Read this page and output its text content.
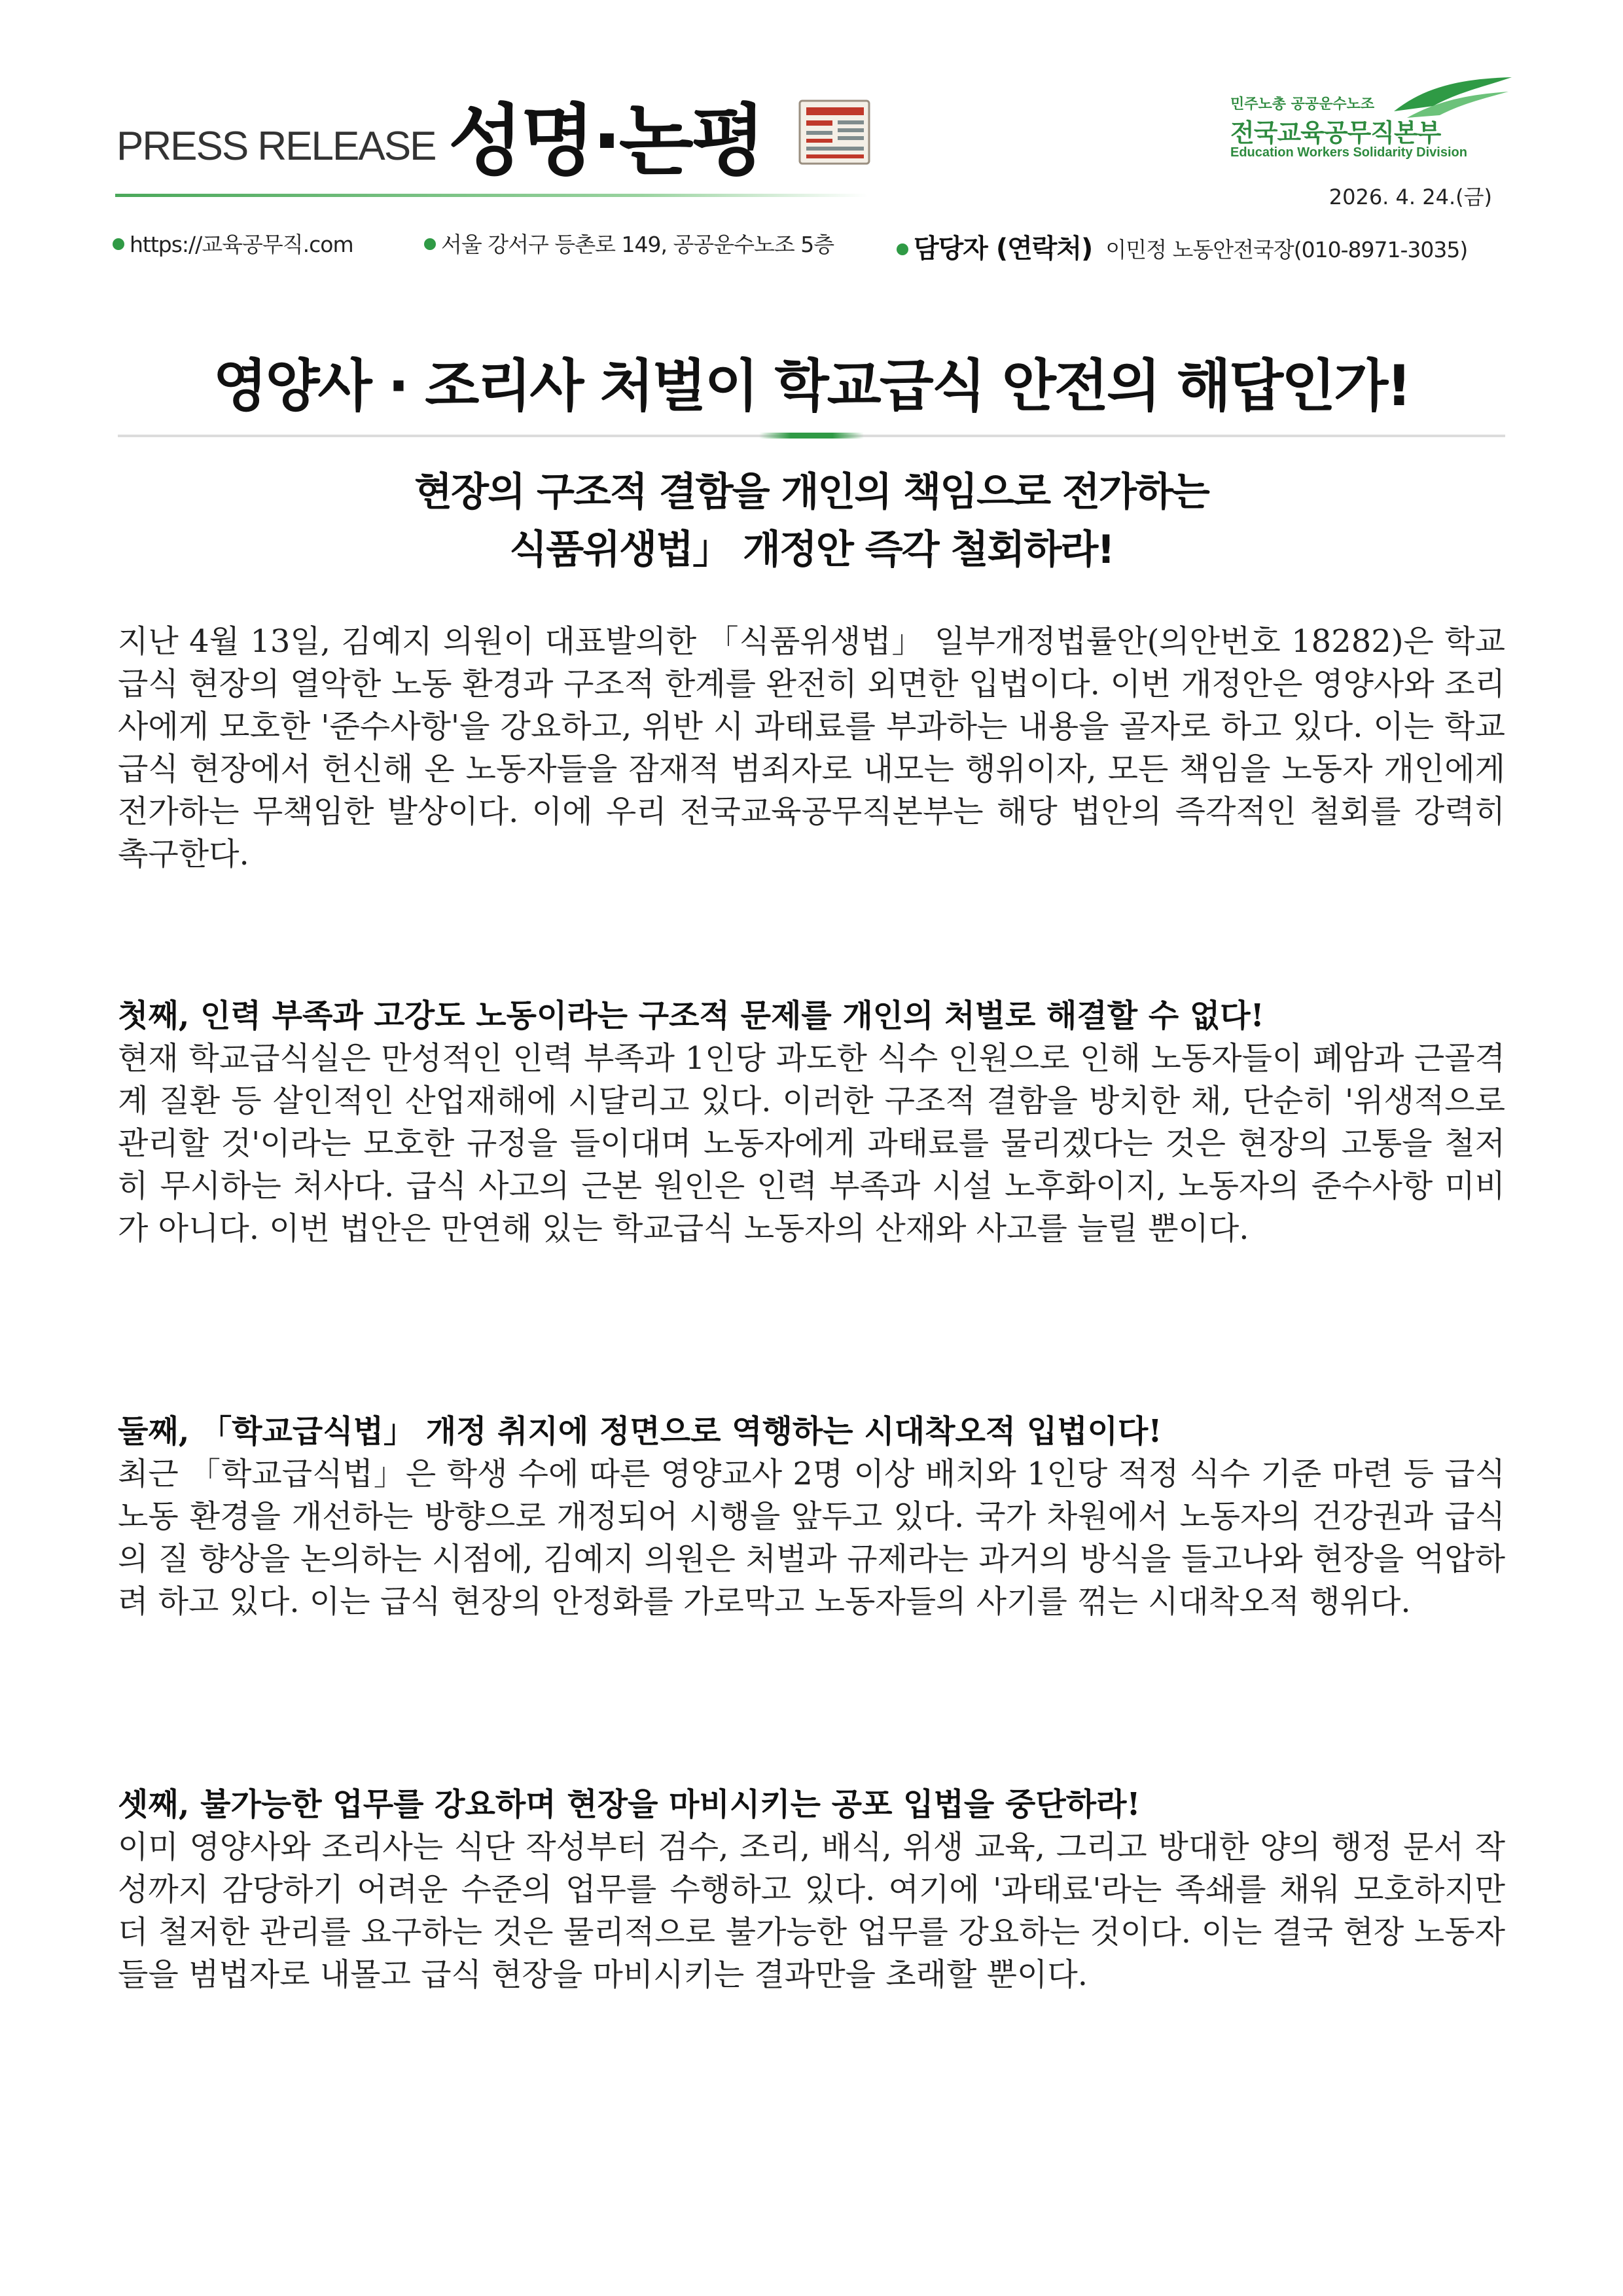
PRESS RELEASE 성명·논평	민주노총 공공운수노조
전국교육공무직본부
Education Workers Solidarity Division
2026. 4. 24.(금)
https://교육공무직.com	서울 강서구 등촌로 149, 공공운수노조 5층	담당자 (연락처) 이민정 노동안전국장(010-8971-3035)
영양사 · 조리사 처벌이 학교급식 안전의 해답인가!
현장의 구조적 결함을 개인의 책임으로 전가하는
식품위생법」 개정안 즉각 철회하라!

지난 4월 13일, 김예지 의원이 대표발의한 「식품위생법」 일부개정법률안(의안번호 18282)은 학교급식 현장의 열악한 노동 환경과 구조적 한계를 완전히 외면한 입법이다. 이번 개정안은 영양사와 조리사에게 모호한 '준수사항'을 강요하고, 위반 시 과태료를 부과하는 내용을 골자로 하고 있다. 이는 학교급식 현장에서 헌신해 온 노동자들을 잠재적 범죄자로 내모는 행위이자, 모든 책임을 노동자 개인에게 전가하는 무책임한 발상이다. 이에 우리 전국교육공무직본부는 해당 법안의 즉각적인 철회를 강력히 촉구한다.

첫째, 인력 부족과 고강도 노동이라는 구조적 문제를 개인의 처벌로 해결할 수 없다!

현재 학교급식실은 만성적인 인력 부족과 1인당 과도한 식수 인원으로 인해 노동자들이 폐암과 근골격계 질환 등 살인적인 산업재해에 시달리고 있다. 이러한 구조적 결함을 방치한 채, 단순히 '위생적으로 관리할 것'이라는 모호한 규정을 들이대며 노동자에게 과태료를 물리겠다는 것은 현장의 고통을 철저히 무시하는 처사다. 급식 사고의 근본 원인은 인력 부족과 시설 노후화이지, 노동자의 준수사항 미비가 아니다. 이번 법안은 만연해 있는 학교급식 노동자의 산재와 사고를 늘릴 뿐이다.

둘째, 「학교급식법」 개정 취지에 정면으로 역행하는 시대착오적 입법이다!

최근 「학교급식법」은 학생 수에 따른 영양교사 2명 이상 배치와 1인당 적정 식수 기준 마련 등 급식 노동 환경을 개선하는 방향으로 개정되어 시행을 앞두고 있다. 국가 차원에서 노동자의 건강권과 급식의 질 향상을 논의하는 시점에, 김예지 의원은 처벌과 규제라는 과거의 방식을 들고나와 현장을 억압하려 하고 있다. 이는 급식 현장의 안정화를 가로막고 노동자들의 사기를 꺾는 시대착오적 행위다.

셋째, 불가능한 업무를 강요하며 현장을 마비시키는 공포 입법을 중단하라!

이미 영양사와 조리사는 식단 작성부터 검수, 조리, 배식, 위생 교육, 그리고 방대한 양의 행정 문서 작성까지 감당하기 어려운 수준의 업무를 수행하고 있다. 여기에 '과태료'라는 족쇄를 채워 모호하지만 더 철저한 관리를 요구하는 것은 물리적으로 불가능한 업무를 강요하는 것이다. 이는 결국 현장 노동자들을 범법자로 내몰고 급식 현장을 마비시키는 결과만을 초래할 뿐이다.
